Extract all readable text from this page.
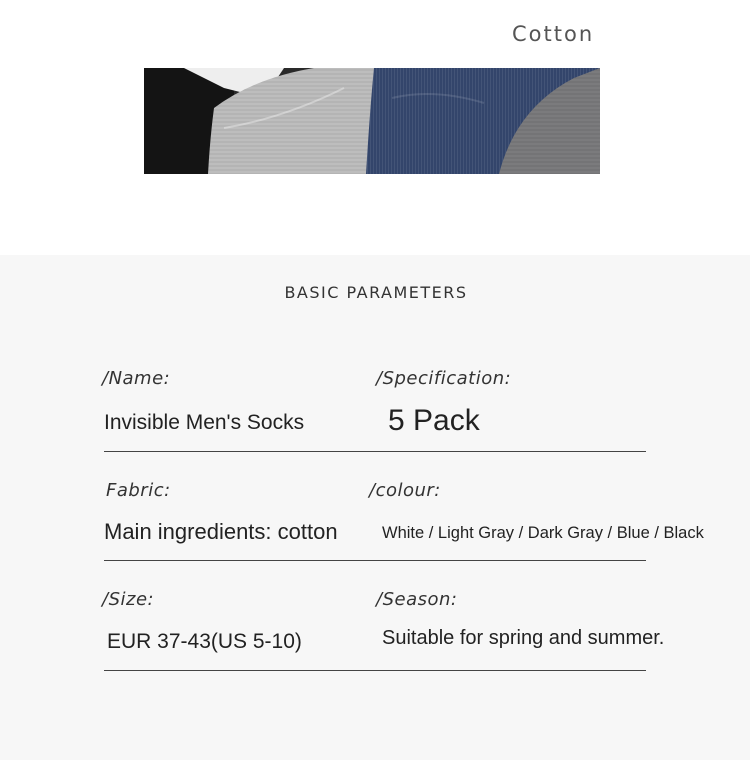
Cotton
BASIC PARAMETERS
/Name:
Invisible Men's Socks
/Specification:
5 Pack
Fabric:
Main ingredients: cotton
/colour:
White / Light Gray / Dark Gray / Blue / Black
/Size:
EUR 37-43(US 5-10)
/Season:
Suitable for spring and summer.
